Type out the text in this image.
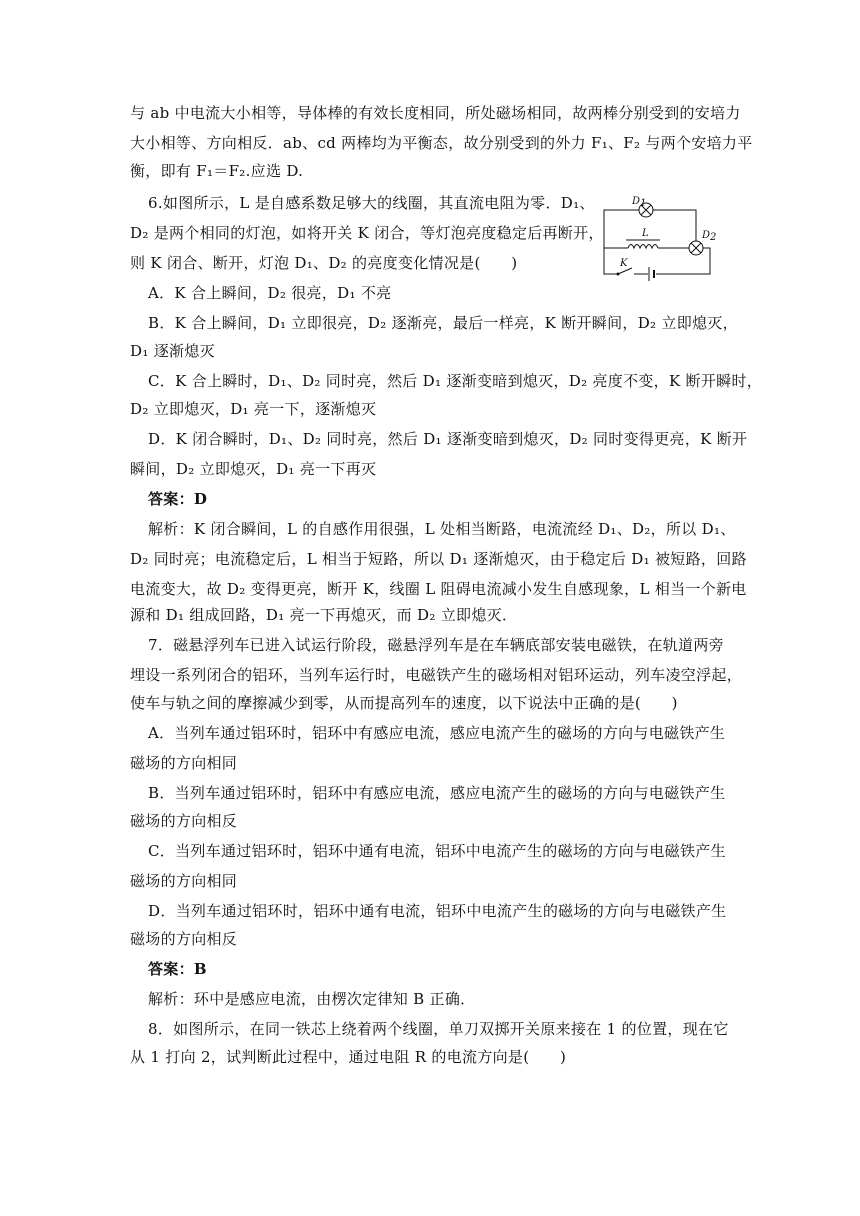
与 ab 中电流大小相等，导体棒的有效长度相同，所处磁场相同，故两棒分别受到的安培力
大小相等、方向相反．ab、cd 两棒均为平衡态，故分别受到的外力 F₁、F₂ 与两个安培力平
衡，即有 F₁＝F₂.应选 D.
6.如图所示，L 是自感系数足够大的线圈，其直流电阻为零．D₁、
D₂ 是两个相同的灯泡，如将开关 K 闭合，等灯泡亮度稳定后再断开，
则 K 闭合、断开，灯泡 D₁、D₂ 的亮度变化情况是(　　)
D1
L	D2
K
A．K 合上瞬间，D₂ 很亮，D₁ 不亮
B．K 合上瞬间，D₁ 立即很亮，D₂ 逐渐亮，最后一样亮，K 断开瞬间，D₂ 立即熄灭，
D₁ 逐渐熄灭
C．K 合上瞬时，D₁、D₂ 同时亮，然后 D₁ 逐渐变暗到熄灭，D₂ 亮度不变，K 断开瞬时，
D₂ 立即熄灭，D₁ 亮一下，逐渐熄灭
D．K 闭合瞬时，D₁、D₂ 同时亮，然后 D₁ 逐渐变暗到熄灭，D₂ 同时变得更亮，K 断开
瞬间，D₂ 立即熄灭，D₁ 亮一下再灭
答案：D
解析：K 闭合瞬间，L 的自感作用很强，L 处相当断路，电流流经 D₁、D₂，所以 D₁、
D₂ 同时亮；电流稳定后，L 相当于短路，所以 D₁ 逐渐熄灭，由于稳定后 D₁ 被短路，回路
电流变大，故 D₂ 变得更亮，断开 K，线圈 L 阻碍电流减小发生自感现象，L 相当一个新电
源和 D₁ 组成回路，D₁ 亮一下再熄灭，而 D₂ 立即熄灭．
7．磁悬浮列车已进入试运行阶段，磁悬浮列车是在车辆底部安装电磁铁，在轨道两旁
埋设一系列闭合的铝环，当列车运行时，电磁铁产生的磁场相对铝环运动，列车凌空浮起，
使车与轨之间的摩擦减少到零，从而提高列车的速度，以下说法中正确的是(　　)
A．当列车通过铝环时，铝环中有感应电流，感应电流产生的磁场的方向与电磁铁产生
磁场的方向相同
B．当列车通过铝环时，铝环中有感应电流，感应电流产生的磁场的方向与电磁铁产生
磁场的方向相反
C．当列车通过铝环时，铝环中通有电流，铝环中电流产生的磁场的方向与电磁铁产生
磁场的方向相同
D．当列车通过铝环时，铝环中通有电流，铝环中电流产生的磁场的方向与电磁铁产生
磁场的方向相反
答案：B
解析：环中是感应电流，由楞次定律知 B 正确．
8．如图所示，在同一铁芯上绕着两个线圈，单刀双掷开关原来接在 1 的位置，现在它
从 1 打向 2，试判断此过程中，通过电阻 R 的电流方向是(　　)
